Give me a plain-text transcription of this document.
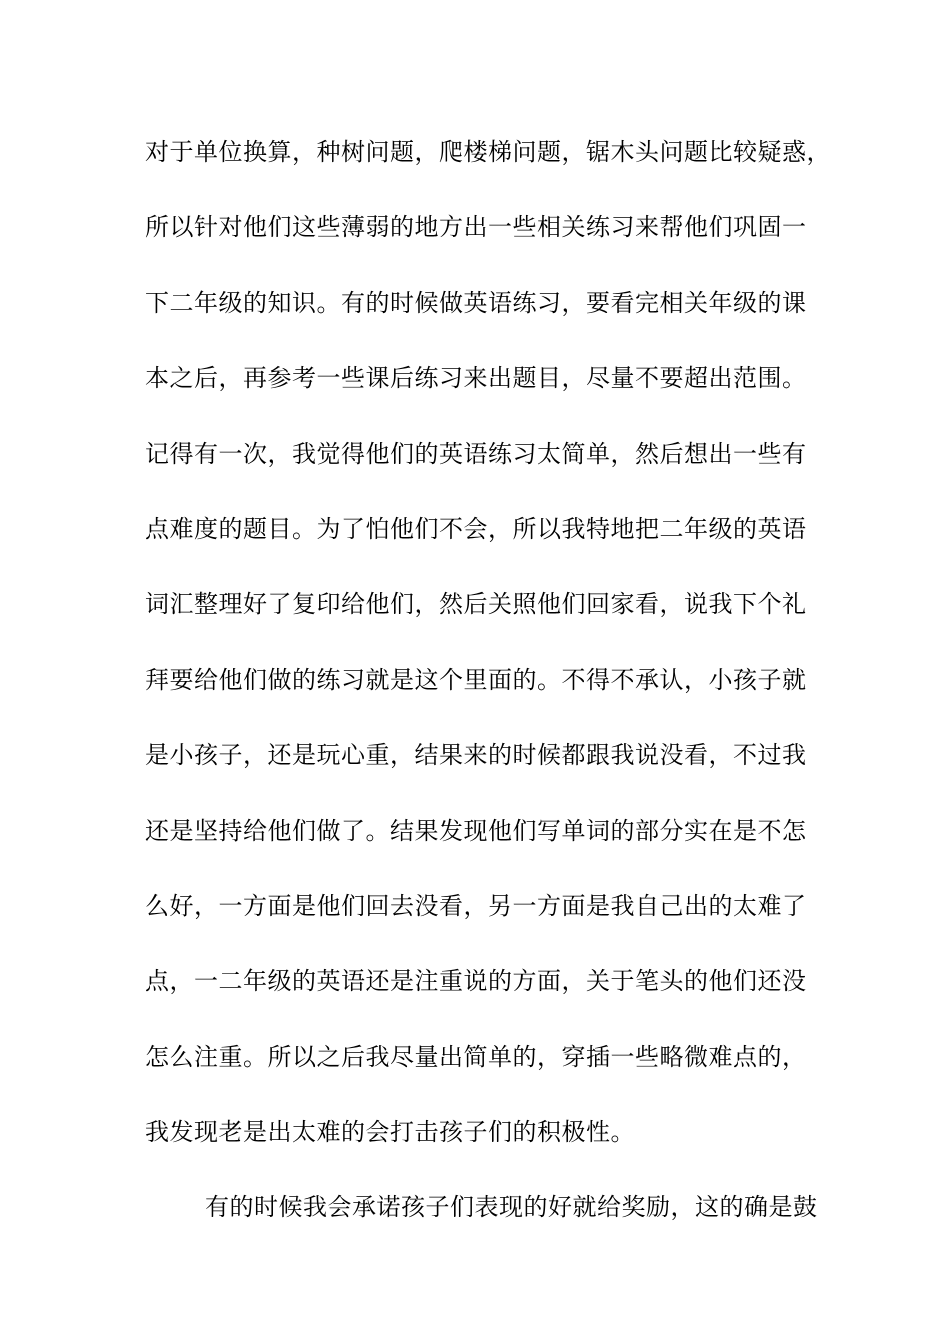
对于单位换算，种树问题，爬楼梯问题，锯木头问题比较疑惑，
所以针对他们这些薄弱的地方出一些相关练习来帮他们巩固一
下二年级的知识。有的时候做英语练习，要看完相关年级的课
本之后，再参考一些课后练习来出题目，尽量不要超出范围。
记得有一次，我觉得他们的英语练习太简单，然后想出一些有
点难度的题目。为了怕他们不会，所以我特地把二年级的英语
词汇整理好了复印给他们，然后关照他们回家看，说我下个礼
拜要给他们做的练习就是这个里面的。不得不承认，小孩子就
是小孩子，还是玩心重，结果来的时候都跟我说没看，不过我
还是坚持给他们做了。结果发现他们写单词的部分实在是不怎
么好，一方面是他们回去没看，另一方面是我自己出的太难了
点，一二年级的英语还是注重说的方面，关于笔头的他们还没
怎么注重。所以之后我尽量出简单的，穿插一些略微难点的，
我发现老是出太难的会打击孩子们的积极性。
有的时候我会承诺孩子们表现的好就给奖励，这的确是鼓
